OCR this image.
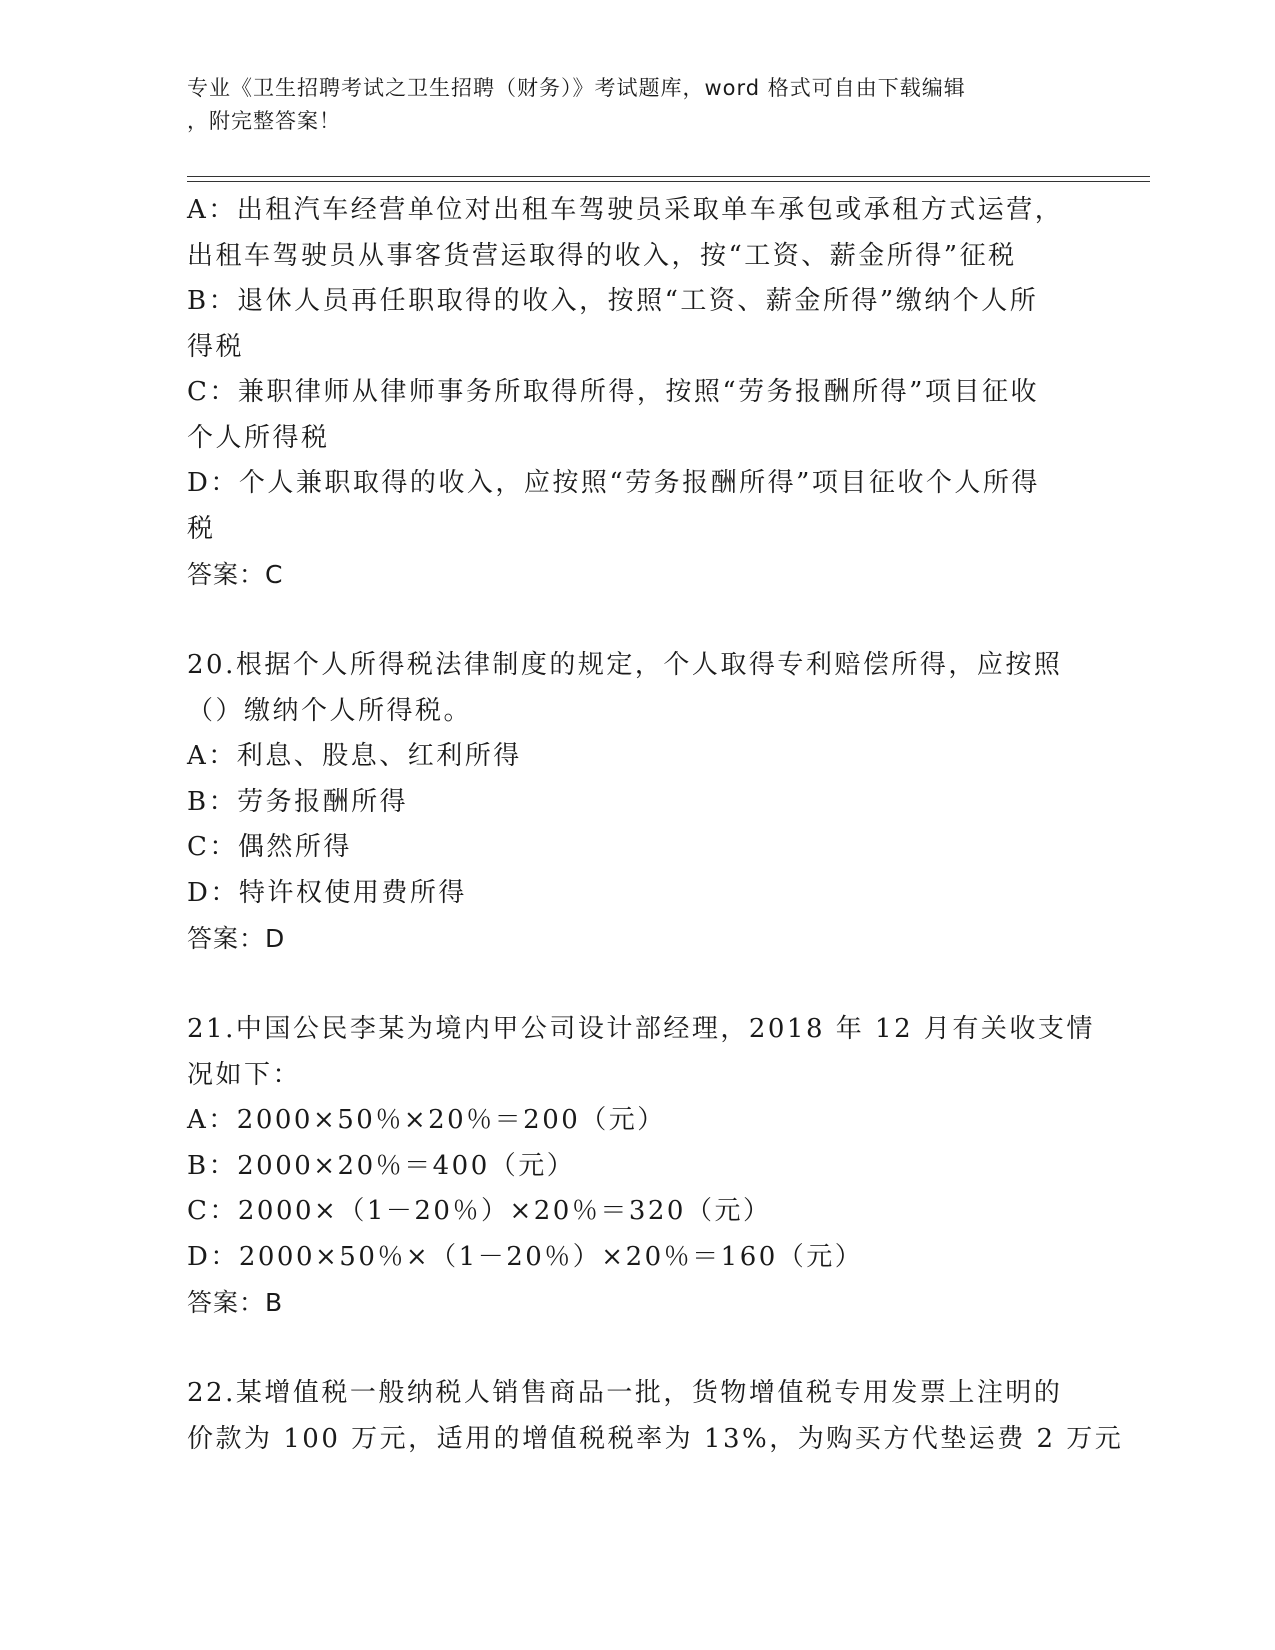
专业《卫生招聘考试之卫生招聘（财务）》考试题库，word 格式可自由下载编辑
，附完整答案！
A：出租汽车经营单位对出租车驾驶员采取单车承包或承租方式运营，
出租车驾驶员从事客货营运取得的收入，按“工资、薪金所得”征税
B：退休人员再任职取得的收入，按照“工资、薪金所得”缴纳个人所
得税
C：兼职律师从律师事务所取得所得，按照“劳务报酬所得”项目征收
个人所得税
D：个人兼职取得的收入，应按照“劳务报酬所得”项目征收个人所得
税
答案：C
20.根据个人所得税法律制度的规定，个人取得专利赔偿所得，应按照
（）缴纳个人所得税。
A：利息、股息、红利所得
B：劳务报酬所得
C：偶然所得
D：特许权使用费所得
答案：D
21.中国公民李某为境内甲公司设计部经理，2018 年 12 月有关收支情
况如下：
A：2000×50％×20％＝200（元）
B：2000×20％＝400（元）
C：2000×（1－20％）×20％＝320（元）
D：2000×50％×（1－20％）×20％＝160（元）
答案：B
22.某增值税一般纳税人销售商品一批，货物增值税专用发票上注明的
价款为 100 万元，适用的增值税税率为 13%，为购买方代垫运费 2 万元
